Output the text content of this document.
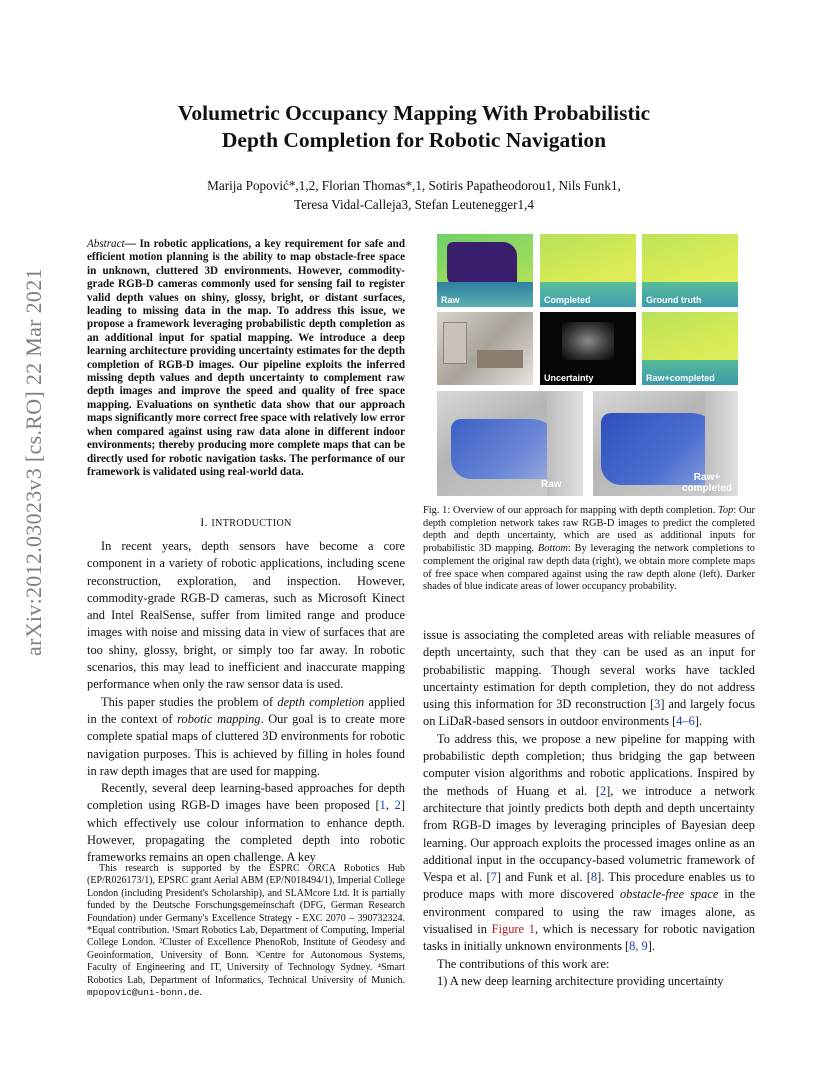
Volumetric Occupancy Mapping With Probabilistic
Depth Completion for Robotic Navigation
Marija Popović*,1,2, Florian Thomas*,1, Sotiris Papatheodorou1, Nils Funk1,
Teresa Vidal-Calleja3, Stefan Leutenegger1,4
arXiv:2012.03023v3 [cs.RO] 22 Mar 2021
Abstract— In robotic applications, a key requirement for safe and efficient motion planning is the ability to map obstacle-free space in unknown, cluttered 3D environments. However, commodity-grade RGB-D cameras commonly used for sensing fail to register valid depth values on shiny, glossy, bright, or distant surfaces, leading to missing data in the map. To address this issue, we propose a framework leveraging probabilistic depth completion as an additional input for spatial mapping. We introduce a deep learning architecture providing uncertainty estimates for the depth completion of RGB-D images. Our pipeline exploits the inferred missing depth values and depth uncertainty to complement raw depth images and improve the speed and quality of free space mapping. Evaluations on synthetic data show that our approach maps significantly more correct free space with relatively low error when compared against using raw data alone in different indoor environments; thereby producing more complete maps that can be directly used for robotic navigation tasks. The performance of our framework is validated using real-world data.
I. INTRODUCTION

In recent years, depth sensors have become a core component in a variety of robotic applications, including scene reconstruction, exploration, and inspection. However, commodity-grade RGB-D cameras, such as Microsoft Kinect and Intel RealSense, suffer from limited range and produce images with noise and missing data in view of surfaces that are too shiny, glossy, bright, or simply too far away. In robotic scenarios, this may lead to inefficient and inaccurate mapping performance when only the raw sensor data is used.

This paper studies the problem of depth completion applied in the context of robotic mapping. Our goal is to create more complete spatial maps of cluttered 3D environments for robotic navigation purposes. This is achieved by filling in holes found in raw depth images that are used for mapping.

Recently, several deep learning-based approaches for depth completion using RGB-D images have been proposed [1, 2] which effectively use colour information to enhance depth. However, propagating the completed depth into robotic frameworks remains an open challenge. A key

This research is supported by the ESPRC ORCA Robotics Hub (EP/R026173/1), EPSRC grant Aerial ABM (EP/N018494/1), Imperial College London (including President's Scholarship), and SLAMcore Ltd. It is partially funded by the Deutsche Forschungsgemeinschaft (DFG, German Research Foundation) under Germany's Excellence Strategy - EXC 2070 – 390732324. *Equal contribution. ¹Smart Robotics Lab, Department of Computing, Imperial College London. ²Cluster of Excellence PhenoRob, Institute of Geodesy and Geoinformation, University of Bonn. ³Centre for Autonomous Systems, Faculty of Engineering and IT, University of Technology Sydney. ⁴Smart Robotics Lab, Department of Informatics, Technical University of Munich. mpopovic@uni-bonn.de.

Raw	Completed	Ground truth
Uncertainty	Raw+completed
Raw
Raw+
completed
Fig. 1: Overview of our approach for mapping with depth completion. Top: Our depth completion network takes raw RGB-D images to predict the completed depth and depth uncertainty, which are used as additional inputs for probabilistic 3D mapping. Bottom: By leveraging the network completions to complement the original raw depth data (right), we obtain more complete maps of free space when compared against using the raw depth alone (left). Darker shades of blue indicate areas of lower occupancy probability.

issue is associating the completed areas with reliable measures of depth uncertainty, such that they can be used as an input for probabilistic mapping. Though several works have tackled uncertainty estimation for depth completion, they do not address using this information for 3D reconstruction [3] and largely focus on LiDaR-based sensors in outdoor environments [4–6].

To address this, we propose a new pipeline for mapping with probabilistic depth completion; thus bridging the gap between computer vision algorithms and robotic applications. Inspired by the methods of Huang et al. [2], we introduce a network architecture that jointly predicts both depth and depth uncertainty from RGB-D images by leveraging principles of Bayesian deep learning. Our approach exploits the processed images online as an additional input in the occupancy-based volumetric framework of Vespa et al. [7] and Funk et al. [8]. This procedure enables us to produce maps with more discovered obstacle-free space in the environment compared to using the raw images alone, as visualised in Figure 1, which is necessary for robotic navigation tasks in initially unknown environments [8, 9].

The contributions of this work are:

1) A new deep learning architecture providing uncertainty
